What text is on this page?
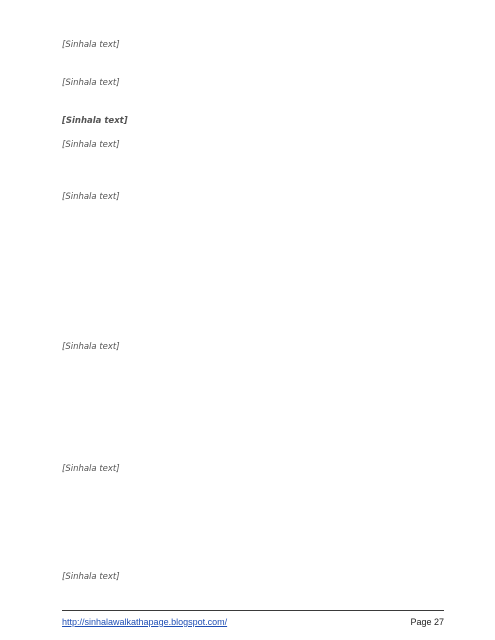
[Sinhala text]

[Sinhala text]

[Sinhala text]

[Sinhala text]

[Sinhala text]

[Sinhala text]

[Sinhala text]

[Sinhala text]

http://sinhalawalkathapage.blogspot.com/	Page 27
